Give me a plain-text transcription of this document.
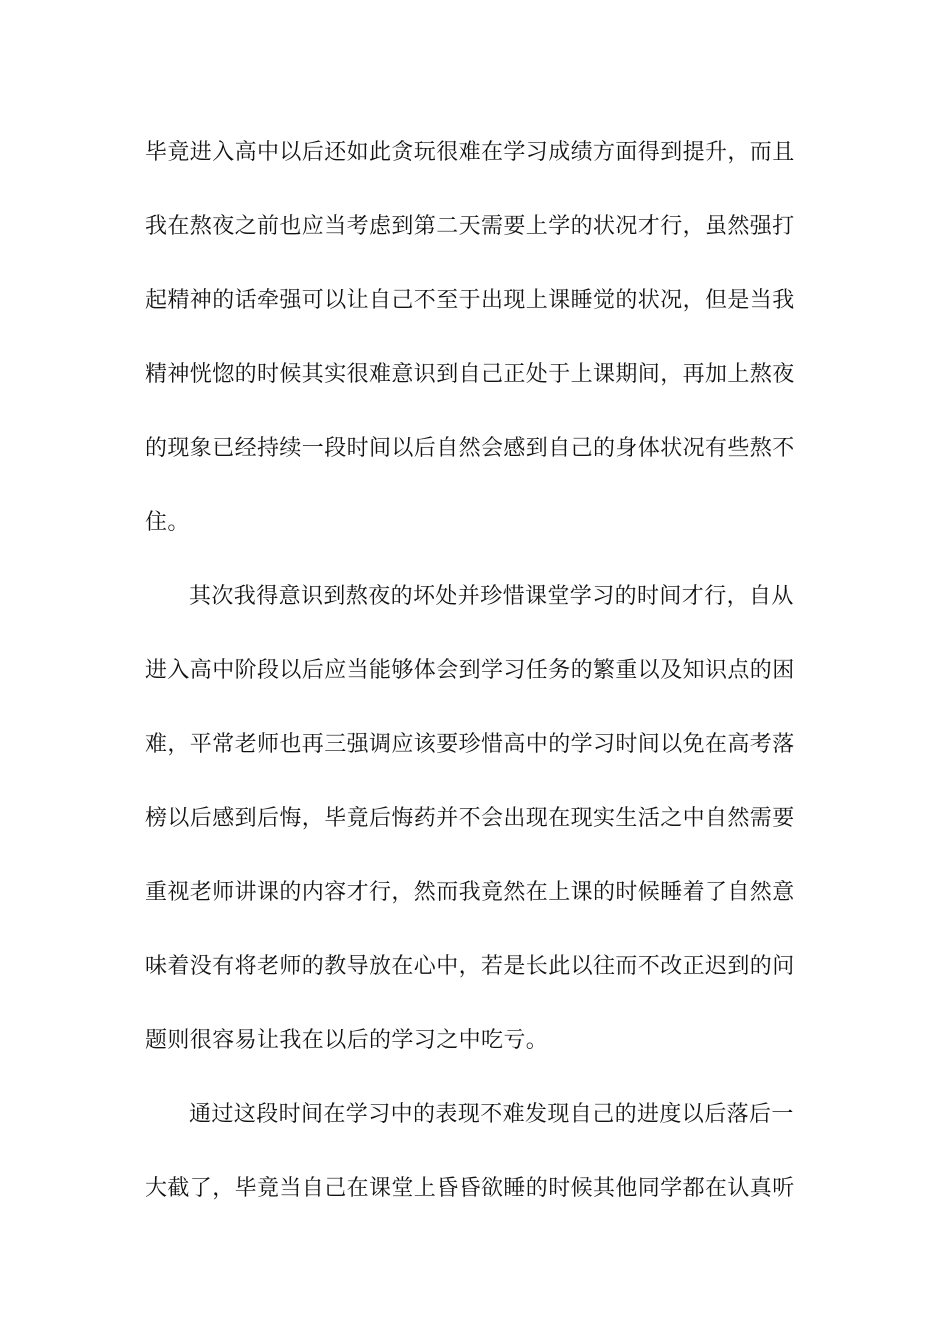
毕竟进入高中以后还如此贪玩很难在学习成绩方面得到提升，而且
我在熬夜之前也应当考虑到第二天需要上学的状况才行，虽然强打
起精神的话牵强可以让自己不至于出现上课睡觉的状况，但是当我
精神恍惚的时候其实很难意识到自己正处于上课期间，再加上熬夜
的现象已经持续一段时间以后自然会感到自己的身体状况有些熬不
住。
其次我得意识到熬夜的坏处并珍惜课堂学习的时间才行，自从
进入高中阶段以后应当能够体会到学习任务的繁重以及知识点的困
难，平常老师也再三强调应该要珍惜高中的学习时间以免在高考落
榜以后感到后悔，毕竟后悔药并不会出现在现实生活之中自然需要
重视老师讲课的内容才行，然而我竟然在上课的时候睡着了自然意
味着没有将老师的教导放在心中，若是长此以往而不改正迟到的问
题则很容易让我在以后的学习之中吃亏。
通过这段时间在学习中的表现不难发现自己的进度以后落后一
大截了，毕竟当自己在课堂上昏昏欲睡的时候其他同学都在认真听
